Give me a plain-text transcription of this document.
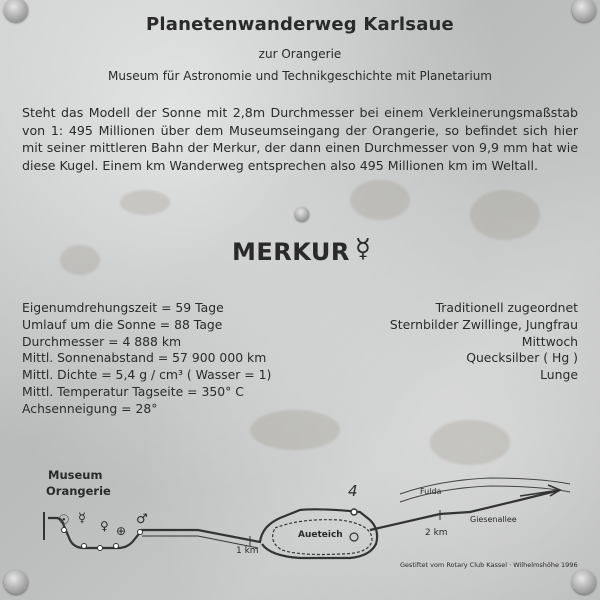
Planetenwanderweg Karlsaue
zur Orangerie
Museum für Astronomie und Technikgeschichte mit Planetarium
Steht das Modell der Sonne mit 2,8m Durchmesser bei einem Verkleinerungsmaßstab von 1: 495 Millionen über dem Museumseingang der Orangerie, so befindet sich hier mit seiner mittleren Bahn der Merkur, der dann einen Durchmesser von 9,9 mm hat wie diese Kugel. Einem km Wanderweg entsprechen also 495 Millionen km im Weltall.
MERKUR ☿
Eigenumdrehungszeit = 59 Tage
Umlauf um die Sonne = 88 Tage
Durchmesser = 4 888 km
Mittl. Sonnenabstand = 57 900 000 km
Mittl. Dichte = 5,4 g / cm³ ( Wasser = 1)
Mittl. Temperatur Tagseite = 350° C
Achsenneigung = 28°
Traditionell zugeordnet
Sternbilder Zwillinge, Jungfrau
Mittwoch
Quecksilber ( Hg )
Lunge
Museum
Orangerie
☉ ☿ ♀ ⊕
♂
1 km
2 km
4
Aueteich
Fulda
Giesenallee
Gestiftet vom Rotary Club Kassel · Wilhelmshöhe 1996
